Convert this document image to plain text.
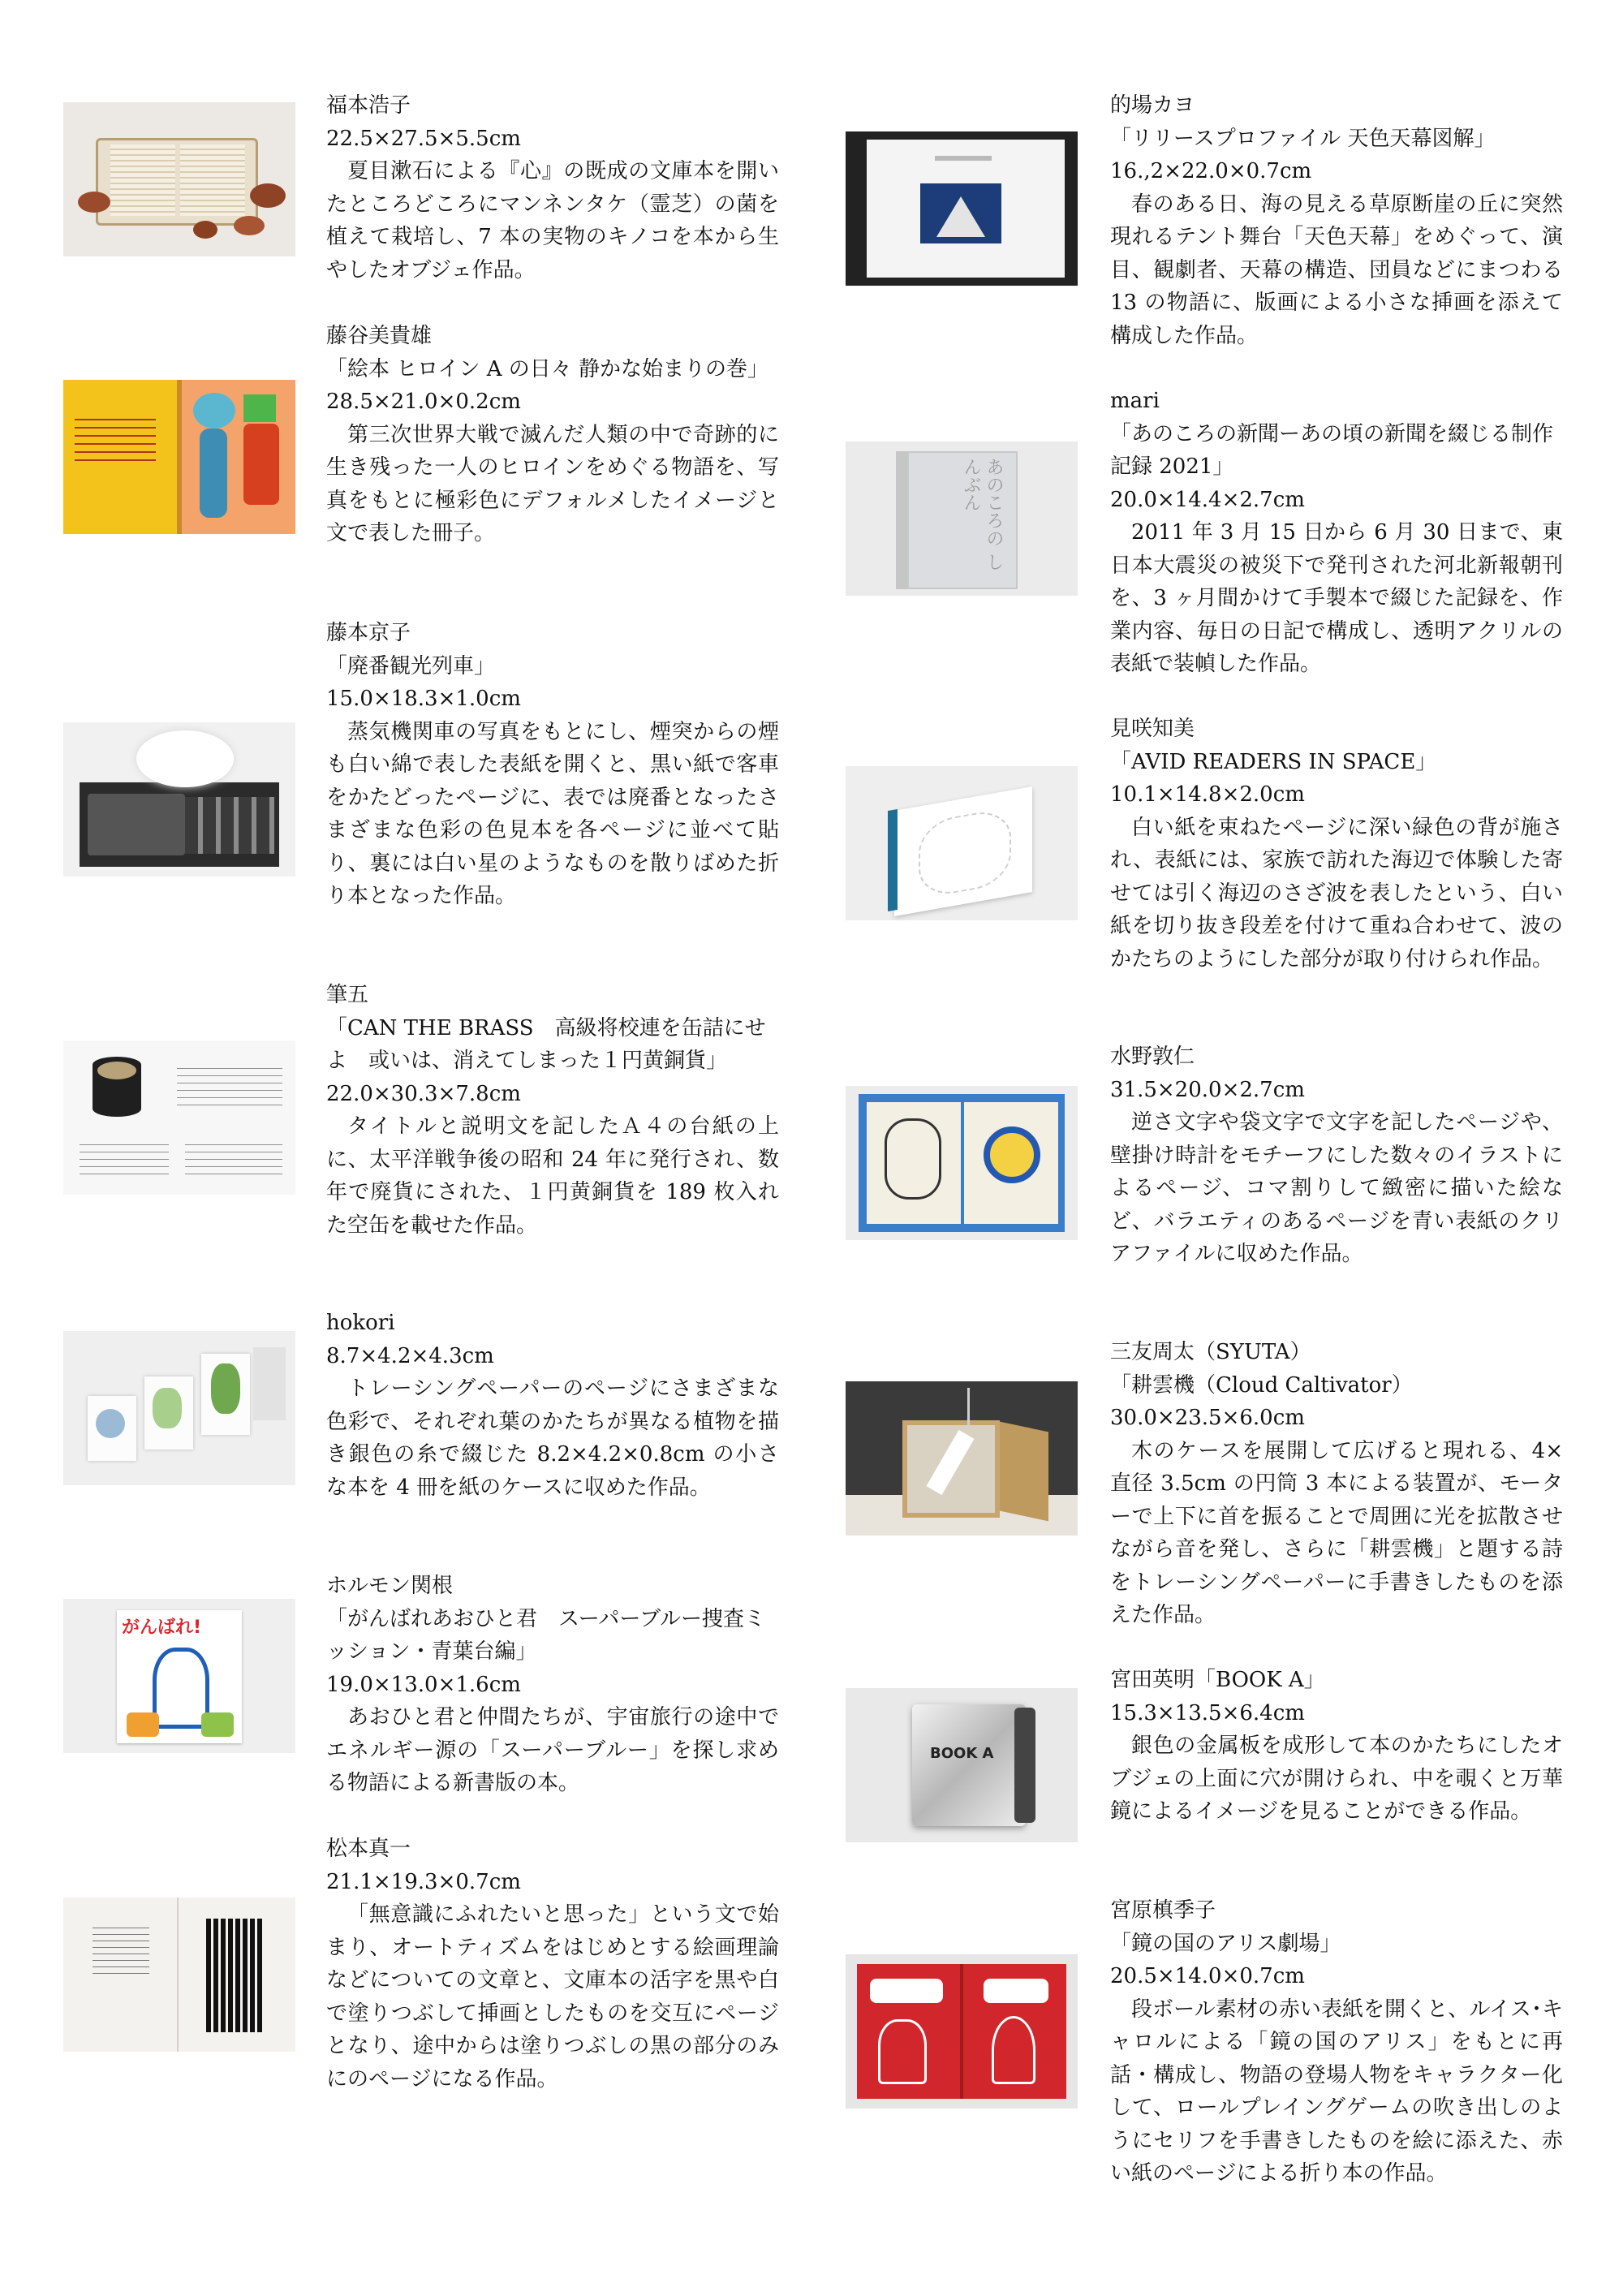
福本浩子
22.5×27.5×5.5cm
夏目漱石による『心』の既成の文庫本を開いたところどころにマンネンタケ（霊芝）の菌を植えて栽培し、7 本の実物のキノコを本から生やしたオブジェ作品。
藤谷美貴雄
「絵本 ヒロイン A の日々 静かな始まりの巻」
28.5×21.0×0.2cm
第三次世界大戦で滅んだ人類の中で奇跡的に生き残った一人のヒロインをめぐる物語を、写真をもとに極彩色にデフォルメしたイメージと文で表した冊子。
藤本京子
「廃番観光列車」
15.0×18.3×1.0cm
蒸気機関車の写真をもとにし、煙突からの煙も白い綿で表した表紙を開くと、黒い紙で客車をかたどったページに、表では廃番となったさまざまな色彩の色見本を各ページに並べて貼り、裏には白い星のようなものを散りばめた折り本となった作品。
筆五
「CAN THE BRASS　高級将校連を缶詰にせよ　或いは、消えてしまった１円黄銅貨」
22.0×30.3×7.8cm
タイトルと説明文を記したＡ４の台紙の上に、太平洋戦争後の昭和 24 年に発行され、数年で廃貨にされた、１円黄銅貨を 189 枚入れた空缶を載せた作品。
hokori
8.7×4.2×4.3cm
トレーシングペーパーのページにさまざまな色彩で、それぞれ葉のかたちが異なる植物を描き銀色の糸で綴じた 8.2×4.2×0.8cm の小さな本を 4 冊を紙のケースに収めた作品。
がんばれ!
ホルモン関根
「がんばれあおひと君　スーパーブルー捜査ミッション・青葉台編」
19.0×13.0×1.6cm
あおひと君と仲間たちが、宇宙旅行の途中でエネルギー源の「スーパーブルー」を探し求める物語による新書版の本。
松本真一
21.1×19.3×0.7cm
「無意識にふれたいと思った」という文で始まり、オートティズムをはじめとする絵画理論などについての文章と、文庫本の活字を黒や白で塗りつぶして挿画としたものを交互にページとなり、途中からは塗りつぶしの黒の部分のみにのページになる作品。
的場カヨ
「リリースプロファイル 天色天幕図解」
16.,2×22.0×0.7cm
春のある日、海の見える草原断崖の丘に突然現れるテント舞台「天色天幕」をめぐって、演目、観劇者、天幕の構造、団員などにまつわる 13 の物語に、版画による小さな挿画を添えて構成した作品。
あのころの しんぶん
mari
「あのころの新聞ーあの頃の新聞を綴じる制作記録 2021」
20.0×14.4×2.7cm
2011 年 3 月 15 日から 6 月 30 日まで、東日本大震災の被災下で発刊された河北新報朝刊を、3 ヶ月間かけて手製本で綴じた記録を、作業内容、毎日の日記で構成し、透明アクリルの表紙で装幀した作品。
見咲知美
「AVID READERS IN SPACE」
10.1×14.8×2.0cm
白い紙を束ねたページに深い緑色の背が施され、表紙には、家族で訪れた海辺で体験した寄せては引く海辺のさざ波を表したという、白い紙を切り抜き段差を付けて重ね合わせて、波のかたちのようにした部分が取り付けられ作品。
水野敦仁
31.5×20.0×2.7cm
逆さ文字や袋文字で文字を記したページや、壁掛け時計をモチーフにした数々のイラストによるページ、コマ割りして緻密に描いた絵など、バラエティのあるページを青い表紙のクリアファイルに収めた作品。
三友周太（SYUTA）
「耕雲機（Cloud Caltivator）
30.0×23.5×6.0cm
木のケースを展開して広げると現れる、4× 直径 3.5cm の円筒 3 本による装置が、モーターで上下に首を振ることで周囲に光を拡散させながら音を発し、さらに「耕雲機」と題する詩をトレーシングペーパーに手書きしたものを添えた作品。
BOOK A
宮田英明「BOOK A」
15.3×13.5×6.4cm
銀色の金属板を成形して本のかたちにしたオブジェの上面に穴が開けられ、中を覗くと万華鏡によるイメージを見ることができる作品。
宮原槙季子
「鏡の国のアリス劇場」
20.5×14.0×0.7cm
段ボール素材の赤い表紙を開くと、ルイス･キャロルによる「鏡の国のアリス」をもとに再話・構成し、物語の登場人物をキャラクター化して、ロールプレイングゲームの吹き出しのようにセリフを手書きしたものを絵に添えた、赤い紙のページによる折り本の作品。
